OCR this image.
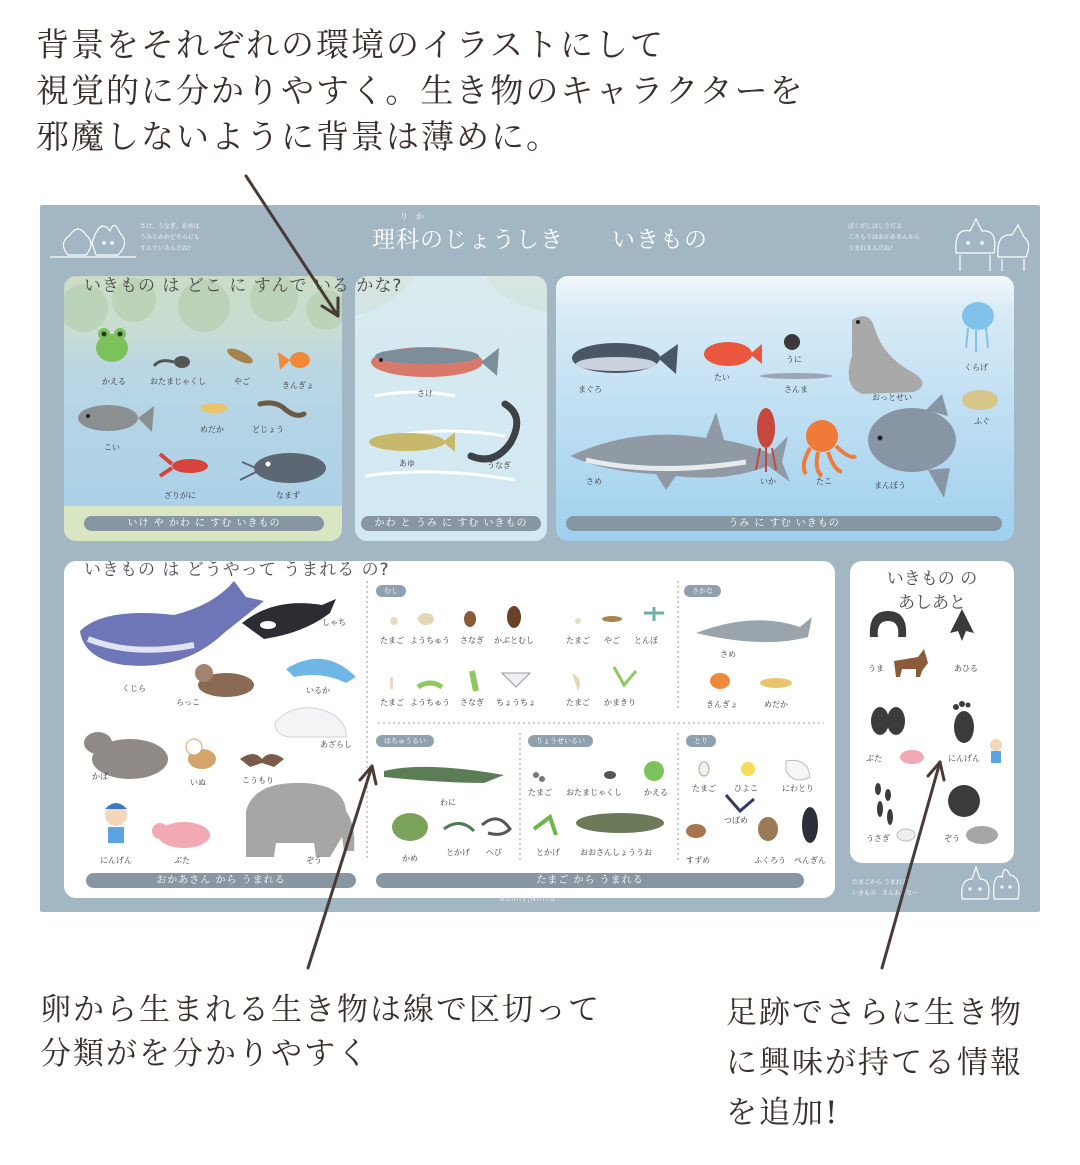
背景をそれぞれの環境のイラストにして
視覚的に分かりやすく。生き物のキャラクターを
邪魔しないように背景は薄めに。
り　か
理科のじょうしき　　いきもの
さけ、うなぎ、あゆは
うみとかわどちらにも
すんでいるんだね!
ぼくがしはしりだよ
ころもりはおかあさんから
うまれるんだね!
たまごから うまれる
いきもの　さんあるな～
かえる	おたまじゃくし	やご	きんぎょ
こい
めだか	どじょう
ざりがに	なまず
いけ や かわ に すむ いきもの
さけ
あゆ	うなぎ
かわ と うみ に すむ いきもの
まぐろ
たい
うに
さんま
おっとせい
くらげ
ふぐ
さめ	いか	たこ	まんぼう
うみ に すむ いきもの
いきもの は どこ に すんで いる かな?
くじら
しゃち
らっこ
いるか
あざらし
かば
いぬ	こうもり
にんげん	ぶた	ぞう
むし	さかな
はちゅうるい	りょうせいるい	とり
たまご ようちゅう さなぎ かぶとむし	たまご やご とんぼ
たまご ようちゅう さなぎ ちょうちょ	たまご かまきり
さめ
きんぎょ	めだか
わに
かめ
とかげ へび
たまご おたまじゃくし	かえる
とかげ	おおさんしょううお
たまご ひよこ	にわとり
つばめ
すずめ	ふくろう ぺんぎん
おかあさん から うまれる	たまご から うまれる
いきもの は どうやって うまれる の?	いきもの の
あしあと
うま	あひる
ぶた	にんげん
うさぎ	ぞう
Bunny|Ninna
卵から生まれる生き物は線で区切って
分類がを分かりやすく
足跡でさらに生き物
に興味が持てる情報
を追加!
